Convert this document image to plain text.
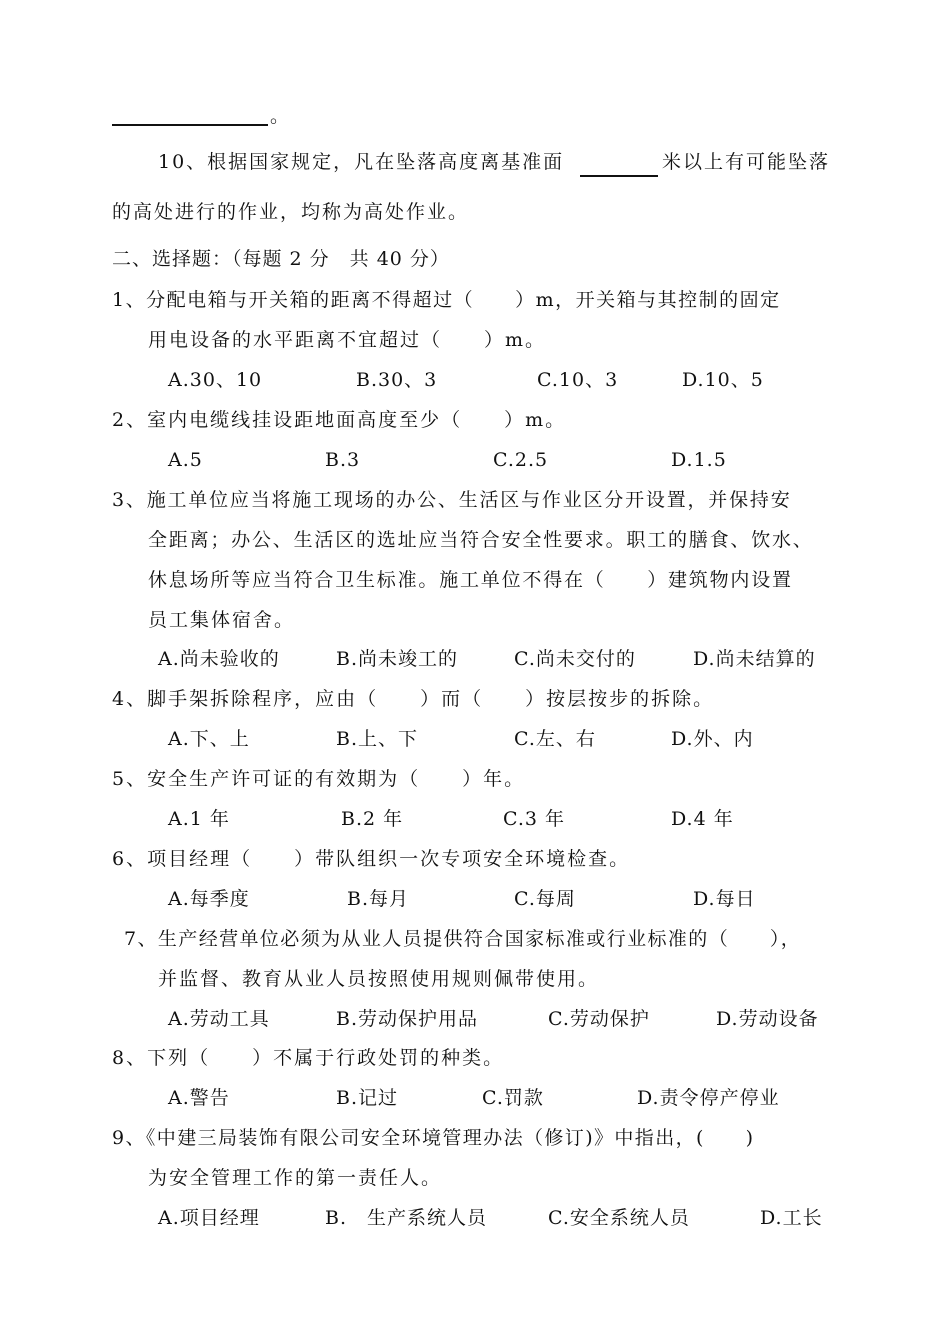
。
10、根据国家规定，凡在坠落高度离基准面	米以上有可能坠落
的高处进行的作业，均称为高处作业。
二、选择题：（每题 2 分　共 40 分）
1、分配电箱与开关箱的距离不得超过（　　）m，开关箱与其控制的固定
用电设备的水平距离不宜超过（　　）m。
A.30、10	B.30、3	C.10、3	D.10、5
2、室内电缆线挂设距地面高度至少（　　）m。
A.5	B.3	C.2.5	D.1.5
3、施工单位应当将施工现场的办公、生活区与作业区分开设置，并保持安
全距离；办公、生活区的选址应当符合安全性要求。职工的膳食、饮水、
休息场所等应当符合卫生标准。施工单位不得在（　　）建筑物内设置
员工集体宿舍。
A.尚未验收的	B.尚未竣工的	C.尚未交付的	D.尚未结算的
4、脚手架拆除程序，应由（　　）而（　　）按层按步的拆除。
A.下、上	B.上、下	C.左、右	D.外、内
5、安全生产许可证的有效期为（　　）年。
A.1 年	B.2 年	C.3 年	D.4 年
6、项目经理（　　）带队组织一次专项安全环境检查。
A.每季度	B.每月	C.每周	D.每日
7、生产经营单位必须为从业人员提供符合国家标准或行业标准的（　　），
并监督、教育从业人员按照使用规则佩带使用。
A.劳动工具	B.劳动保护用品	C.劳动保护	D.劳动设备
8、下列（　　）不属于行政处罚的种类。
A.警告	B.记过	C.罚款	D.责令停产停业
9、《中建三局装饰有限公司安全环境管理办法（修订)》中指出，(　　)
为安全管理工作的第一责任人。
A.项目经理	B.　生产系统人员	C.安全系统人员	D.工长
